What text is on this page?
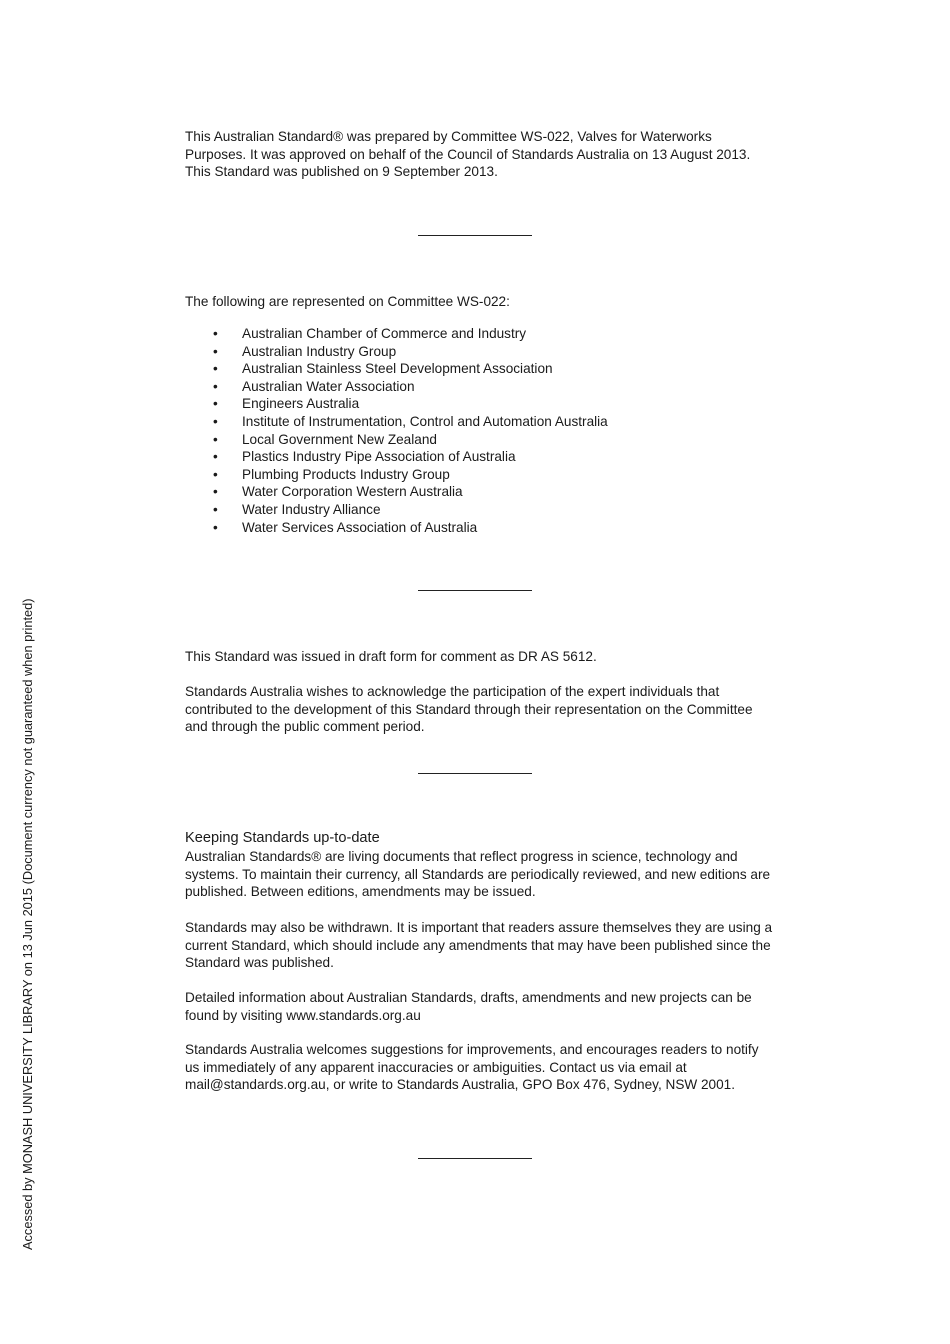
This Australian Standard® was prepared by Committee WS-022, Valves for Waterworks Purposes. It was approved on behalf of the Council of Standards Australia on 13 August 2013.
This Standard was published on 9 September 2013.

The following are represented on Committee WS-022:

• Australian Chamber of Commerce and Industry
• Australian Industry Group
• Australian Stainless Steel Development Association
• Australian Water Association
• Engineers Australia
• Institute of Instrumentation, Control and Automation Australia
• Local Government New Zealand
• Plastics Industry Pipe Association of Australia
• Plumbing Products Industry Group
• Water Corporation Western Australia
• Water Industry Alliance
• Water Services Association of Australia

This Standard was issued in draft form for comment as DR AS 5612.

Standards Australia wishes to acknowledge the participation of the expert individuals that contributed to the development of this Standard through their representation on the Committee and through the public comment period.

Keeping Standards up-to-date

Australian Standards® are living documents that reflect progress in science, technology and systems. To maintain their currency, all Standards are periodically reviewed, and new editions are published. Between editions, amendments may be issued.

Standards may also be withdrawn. It is important that readers assure themselves they are using a current Standard, which should include any amendments that may have been published since the Standard was published.

Detailed information about Australian Standards, drafts, amendments and new projects can be found by visiting www.standards.org.au

Standards Australia welcomes suggestions for improvements, and encourages readers to notify us immediately of any apparent inaccuracies or ambiguities. Contact us via email at mail@standards.org.au, or write to Standards Australia, GPO Box 476, Sydney, NSW 2001.

Accessed by MONASH UNIVERSITY LIBRARY on 13 Jun 2015 (Document currency not guaranteed when printed)
